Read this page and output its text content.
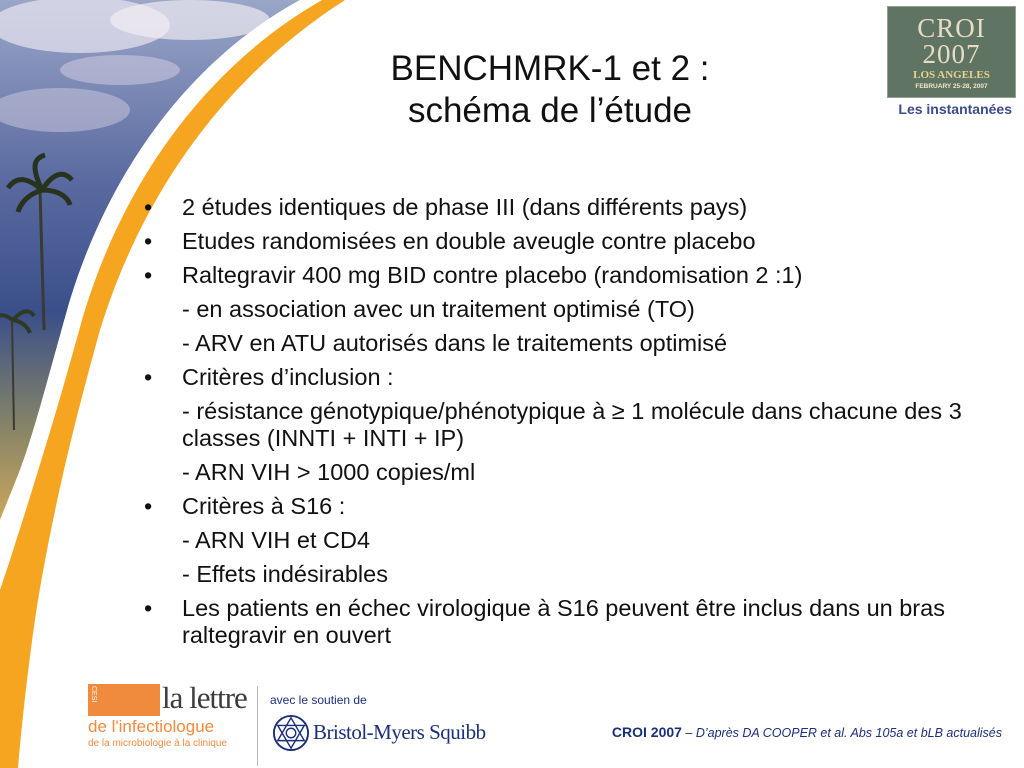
CROI
2007
LOS ANGELES
FEBRUARY 25-28, 2007
Les instantanées
BENCHMRK-1 et 2 :
schéma de l’étude
• 2 études identiques de phase III (dans différents pays)
• Etudes randomisées en double aveugle contre placebo
• Raltegravir 400 mg BID contre placebo (randomisation 2 :1)
- en association avec un traitement optimisé (TO)
- ARV en ATU autorisés dans le traitements optimisé
• Critères d’inclusion :
- résistance génotypique/phénotypique à ≥ 1 molécule dans chacune des 3 classes (INNTI + INTI + IP)
- ARN VIH > 1000 copies/ml
• Critères à S16 :
- ARN VIH et CD4
- Effets indésirables
• Les patients en échec virologique à S16 peuvent être inclus dans un bras raltegravir en ouvert
CESI la lettre
de l'infectiologue
de la microbiologie à la clinique
avec le soutien de
Bristol-Myers Squibb	CROI 2007 – D’après DA COOPER et al. Abs 105a et bLB actualisés
